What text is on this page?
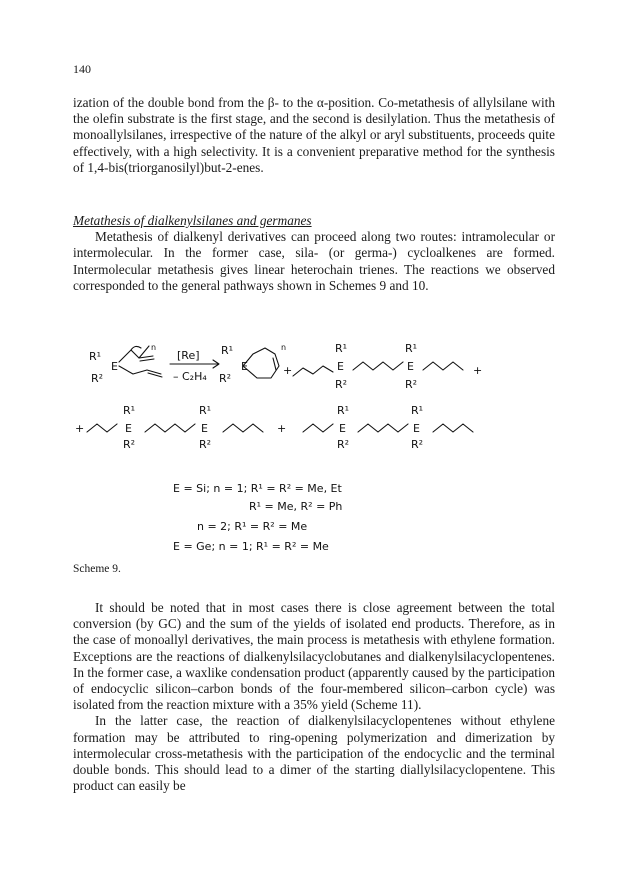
140

ization of the double bond from the β- to the α-position. Co-metathesis of allylsilane with the olefin substrate is the first stage, and the second is desilylation. Thus the metathesis of monoallylsilanes, irrespective of the nature of the alkyl or aryl substituents, proceeds quite effectively, with a high selectivity. It is a convenient preparative method for the synthesis of 1,4-bis(triorganosilyl)but-2-enes.

Metathesis of dialkenylsilanes and germanes

Metathesis of dialkenyl derivatives can proceed along two routes: intramolecular or intermolecular. In the former case, sila- (or germa-) cycloalkenes are formed. Intermolecular metathesis gives linear heterochain trienes. The reactions we observed corresponded to the general pathways shown in Schemes 9 and 10.

R¹
E
R²
n
[Re]
– C₂H₄
R¹
E
R²
n
+
R¹
E
R²
R¹
E
R²
+
+
R¹
E
R²
R¹
E
R²
+
R¹
E
R²
R¹
E
R²
E = Si; n = 1; R¹ = R² = Me, Et
R¹ = Me, R² = Ph
n = 2; R¹ = R² = Me
E = Ge; n = 1; R¹ = R² = Me
Scheme 9.

It should be noted that in most cases there is close agreement between the total conversion (by GC) and the sum of the yields of isolated end products. Therefore, as in the case of monoallyl derivatives, the main process is metathesis with ethylene formation. Exceptions are the reactions of dialkenylsilacyclobutanes and dialkenylsilacyclopentenes. In the former case, a waxlike condensation product (apparently caused by the participation of endocyclic silicon–carbon bonds of the four-membered silicon–carbon cycle) was isolated from the reaction mixture with a 35% yield (Scheme 11).

In the latter case, the reaction of dialkenylsilacyclopentenes without ethylene formation may be attributed to ring-opening polymerization and dimerization by intermolecular cross-metathesis with the participation of the endocyclic and the terminal double bonds. This should lead to a dimer of the starting diallylsilacyclopentene. This product can easily be
